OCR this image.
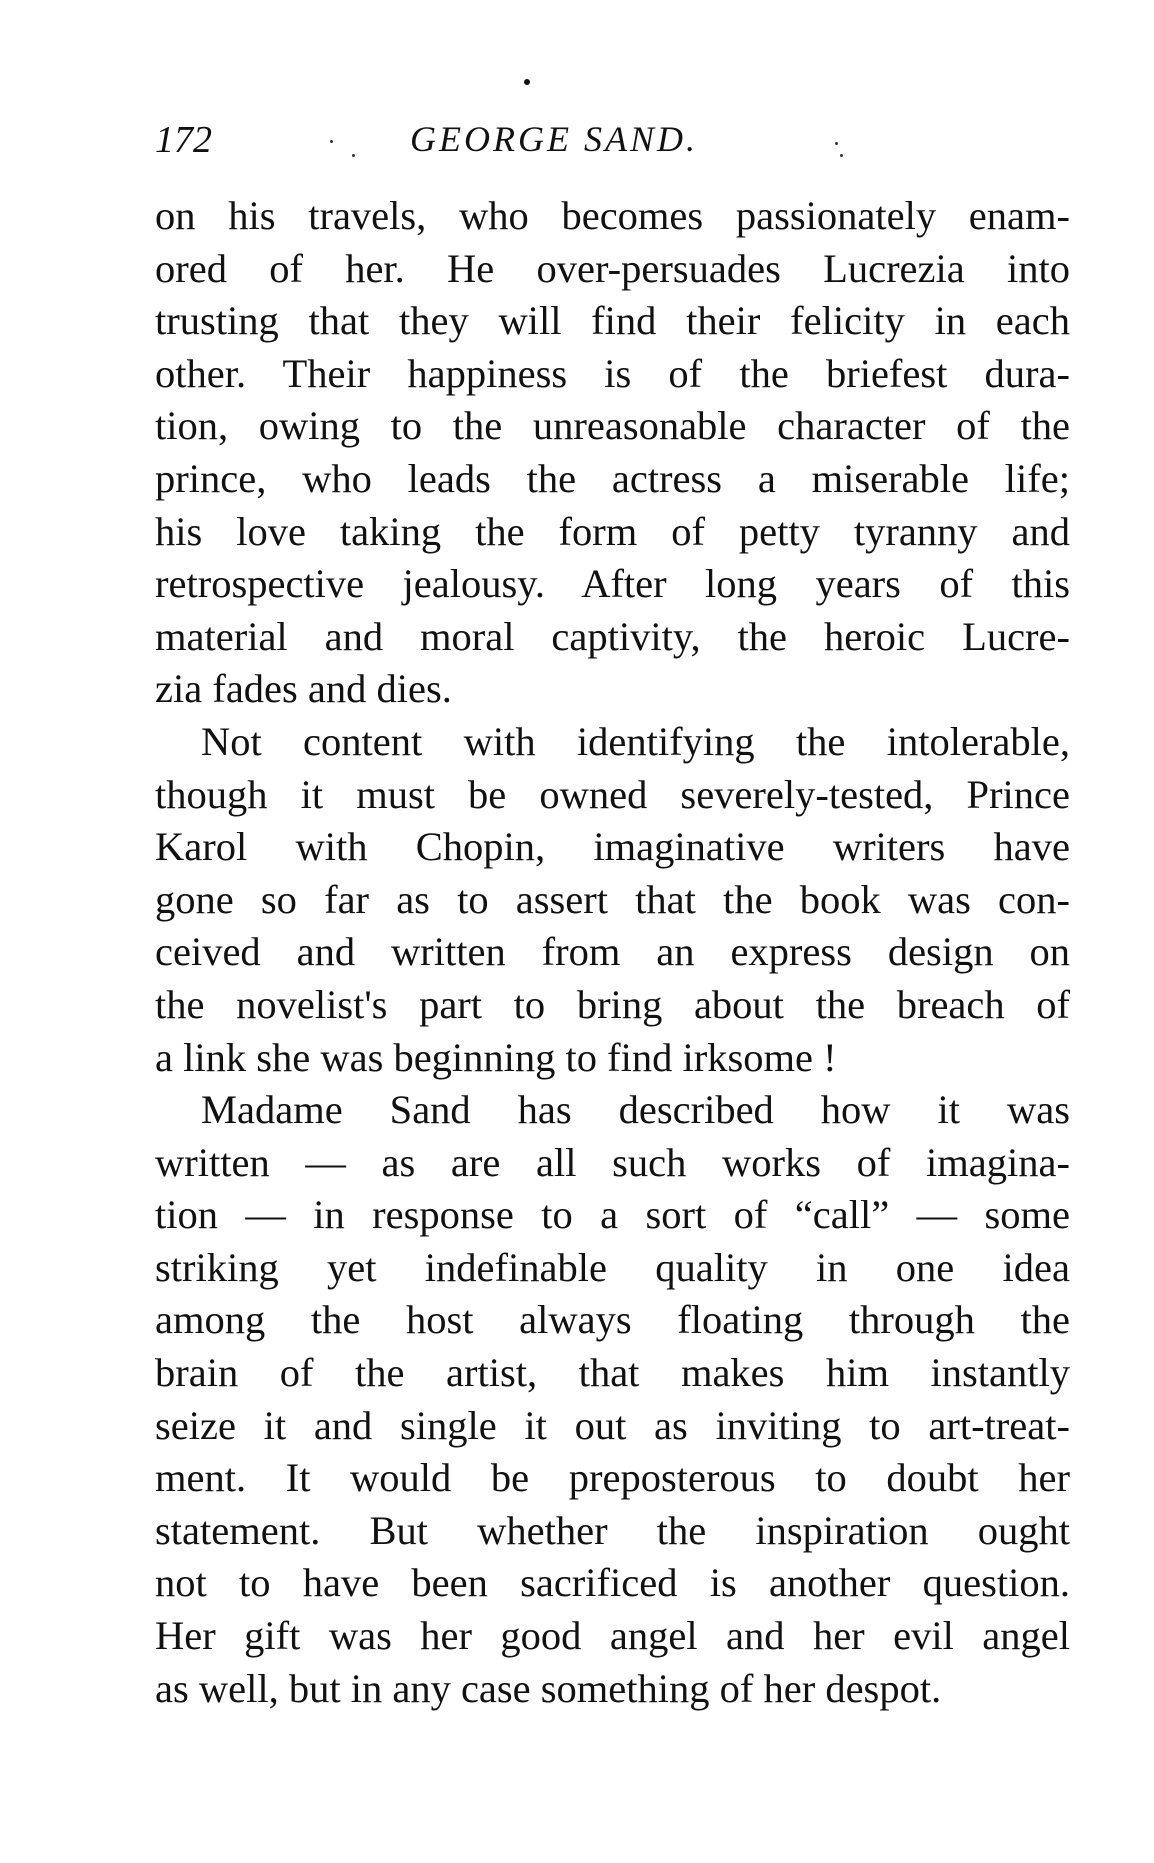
172	GEORGE SAND.
on his travels, who becomes passionately enam-
ored of her. He over-persuades Lucrezia into
trusting that they will find their felicity in each
other. Their happiness is of the briefest dura-
tion, owing to the unreasonable character of the
prince, who leads the actress a miserable life;
his love taking the form of petty tyranny and
retrospective jealousy. After long years of this
material and moral captivity, the heroic Lucre-
zia fades and dies.
Not content with identifying the intolerable,
though it must be owned severely-tested, Prince
Karol with Chopin, imaginative writers have
gone so far as to assert that the book was con-
ceived and written from an express design on
the novelist's part to bring about the breach of
a link she was beginning to find irksome !
Madame Sand has described how it was
written — as are all such works of imagina-
tion — in response to a sort of “call” — some
striking yet indefinable quality in one idea
among the host always floating through the
brain of the artist, that makes him instantly
seize it and single it out as inviting to art-treat-
ment. It would be preposterous to doubt her
statement. But whether the inspiration ought
not to have been sacrificed is another question.
Her gift was her good angel and her evil angel
as well, but in any case something of her despot.
